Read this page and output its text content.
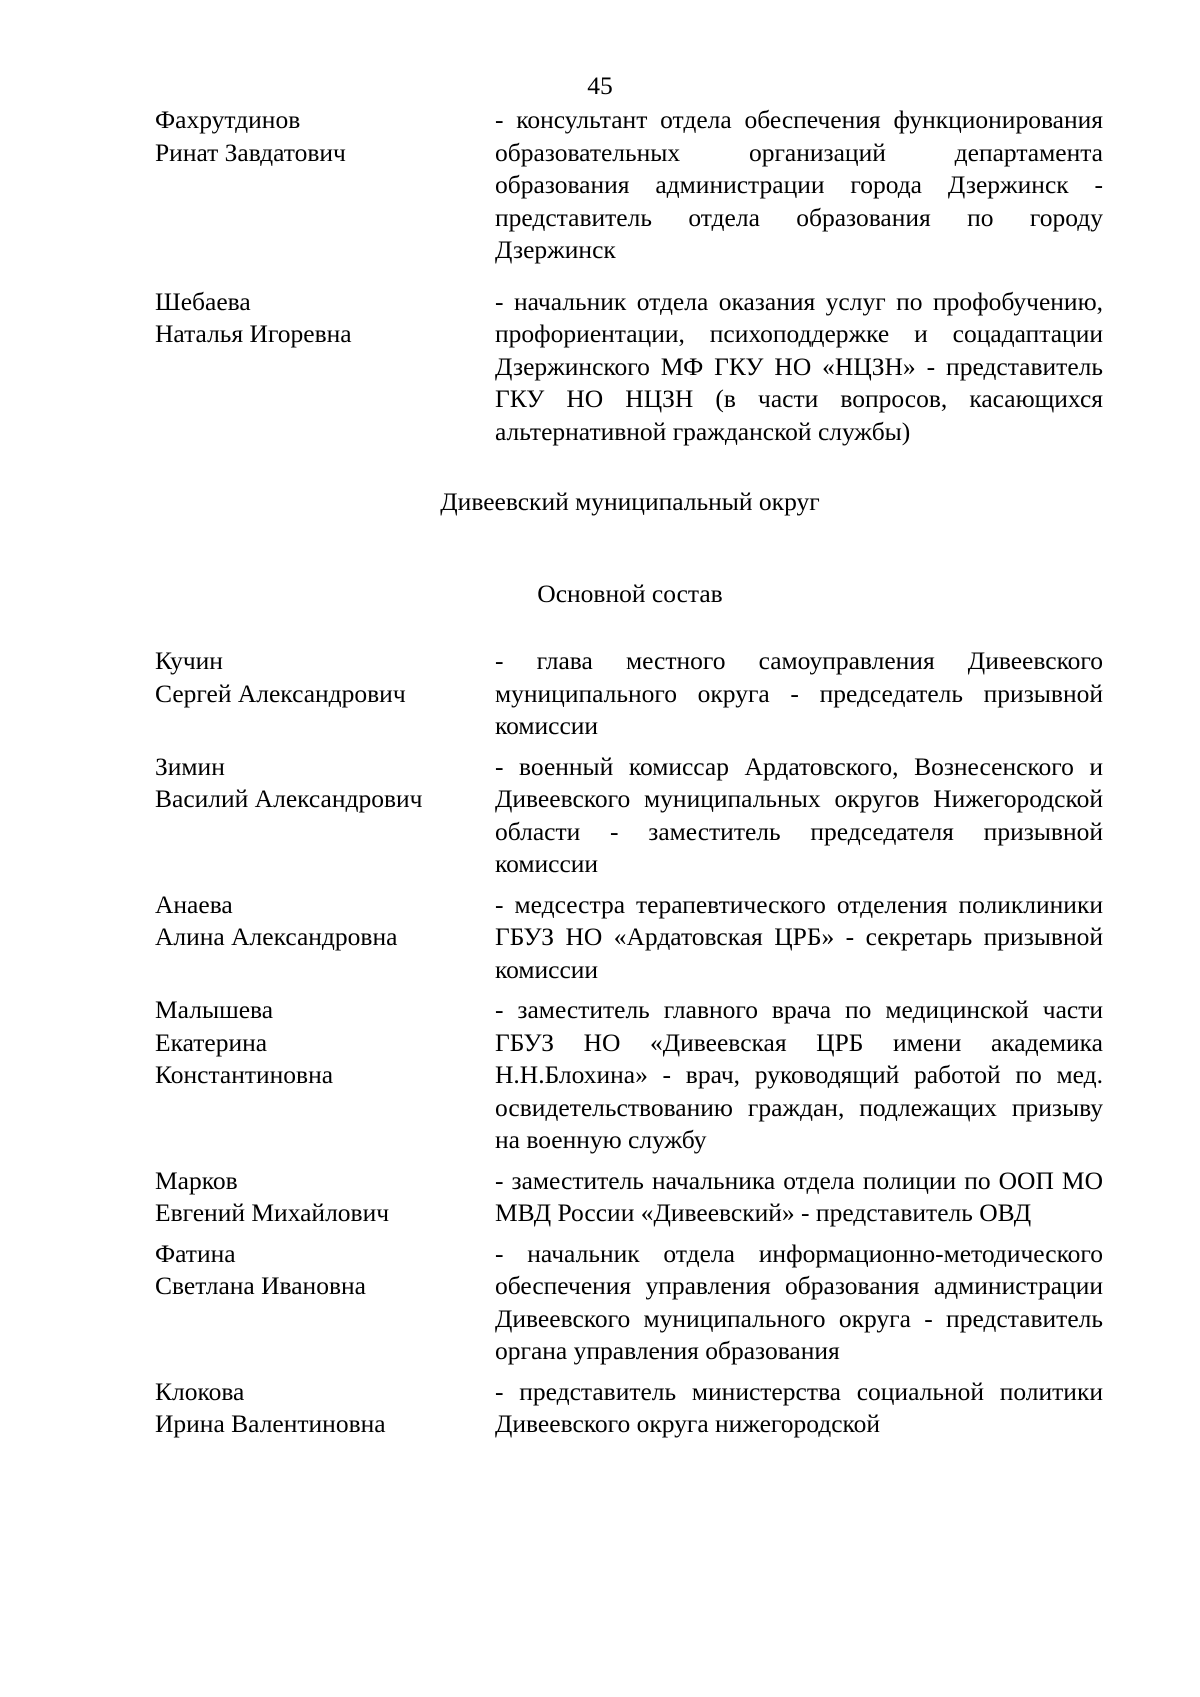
45
Фахрутдинов
Ринат Завдатович
- консультант отдела обеспечения функционирования образовательных организаций департамента образования администрации города Дзержинск - представитель отдела образования по городу Дзержинск
Шебаева
Наталья Игоревна
- начальник отдела оказания услуг по профобучению, профориентации, психоподдержке и соцадаптации Дзержинского МФ ГКУ НО «НЦЗН» - представитель ГКУ НО НЦЗН (в части вопросов, касающихся альтернативной гражданской службы)
Дивеевский муниципальный округ
Основной состав
Кучин
Сергей Александрович
- глава местного самоуправления Дивеевского муниципального округа - председатель призывной комиссии
Зимин
Василий Александрович
- военный комиссар Ардатовского, Вознесенского и Дивеевского муниципальных округов Нижегородской области - заместитель председателя призывной комиссии
Анаева
Алина Александровна
- медсестра терапевтического отделения поликлиники ГБУЗ НО «Ардатовская ЦРБ» - секретарь призывной комиссии
Малышева
Екатерина
Константиновна
- заместитель главного врача по медицинской части ГБУЗ НО «Дивеевская ЦРБ имени академика Н.Н.Блохина» - врач, руководящий работой по мед. освидетельствованию граждан, подлежащих призыву на военную службу
Марков
Евгений Михайлович
- заместитель начальника отдела полиции по ООП МО МВД России «Дивеевский» - представитель ОВД
Фатина
Светлана Ивановна
- начальник отдела информационно-методического обеспечения управления образования администрации Дивеевского муниципального округа - представитель органа управления образования
Клокова
Ирина Валентиновна
- представитель министерства социальной политики Дивеевского округа нижегородской
